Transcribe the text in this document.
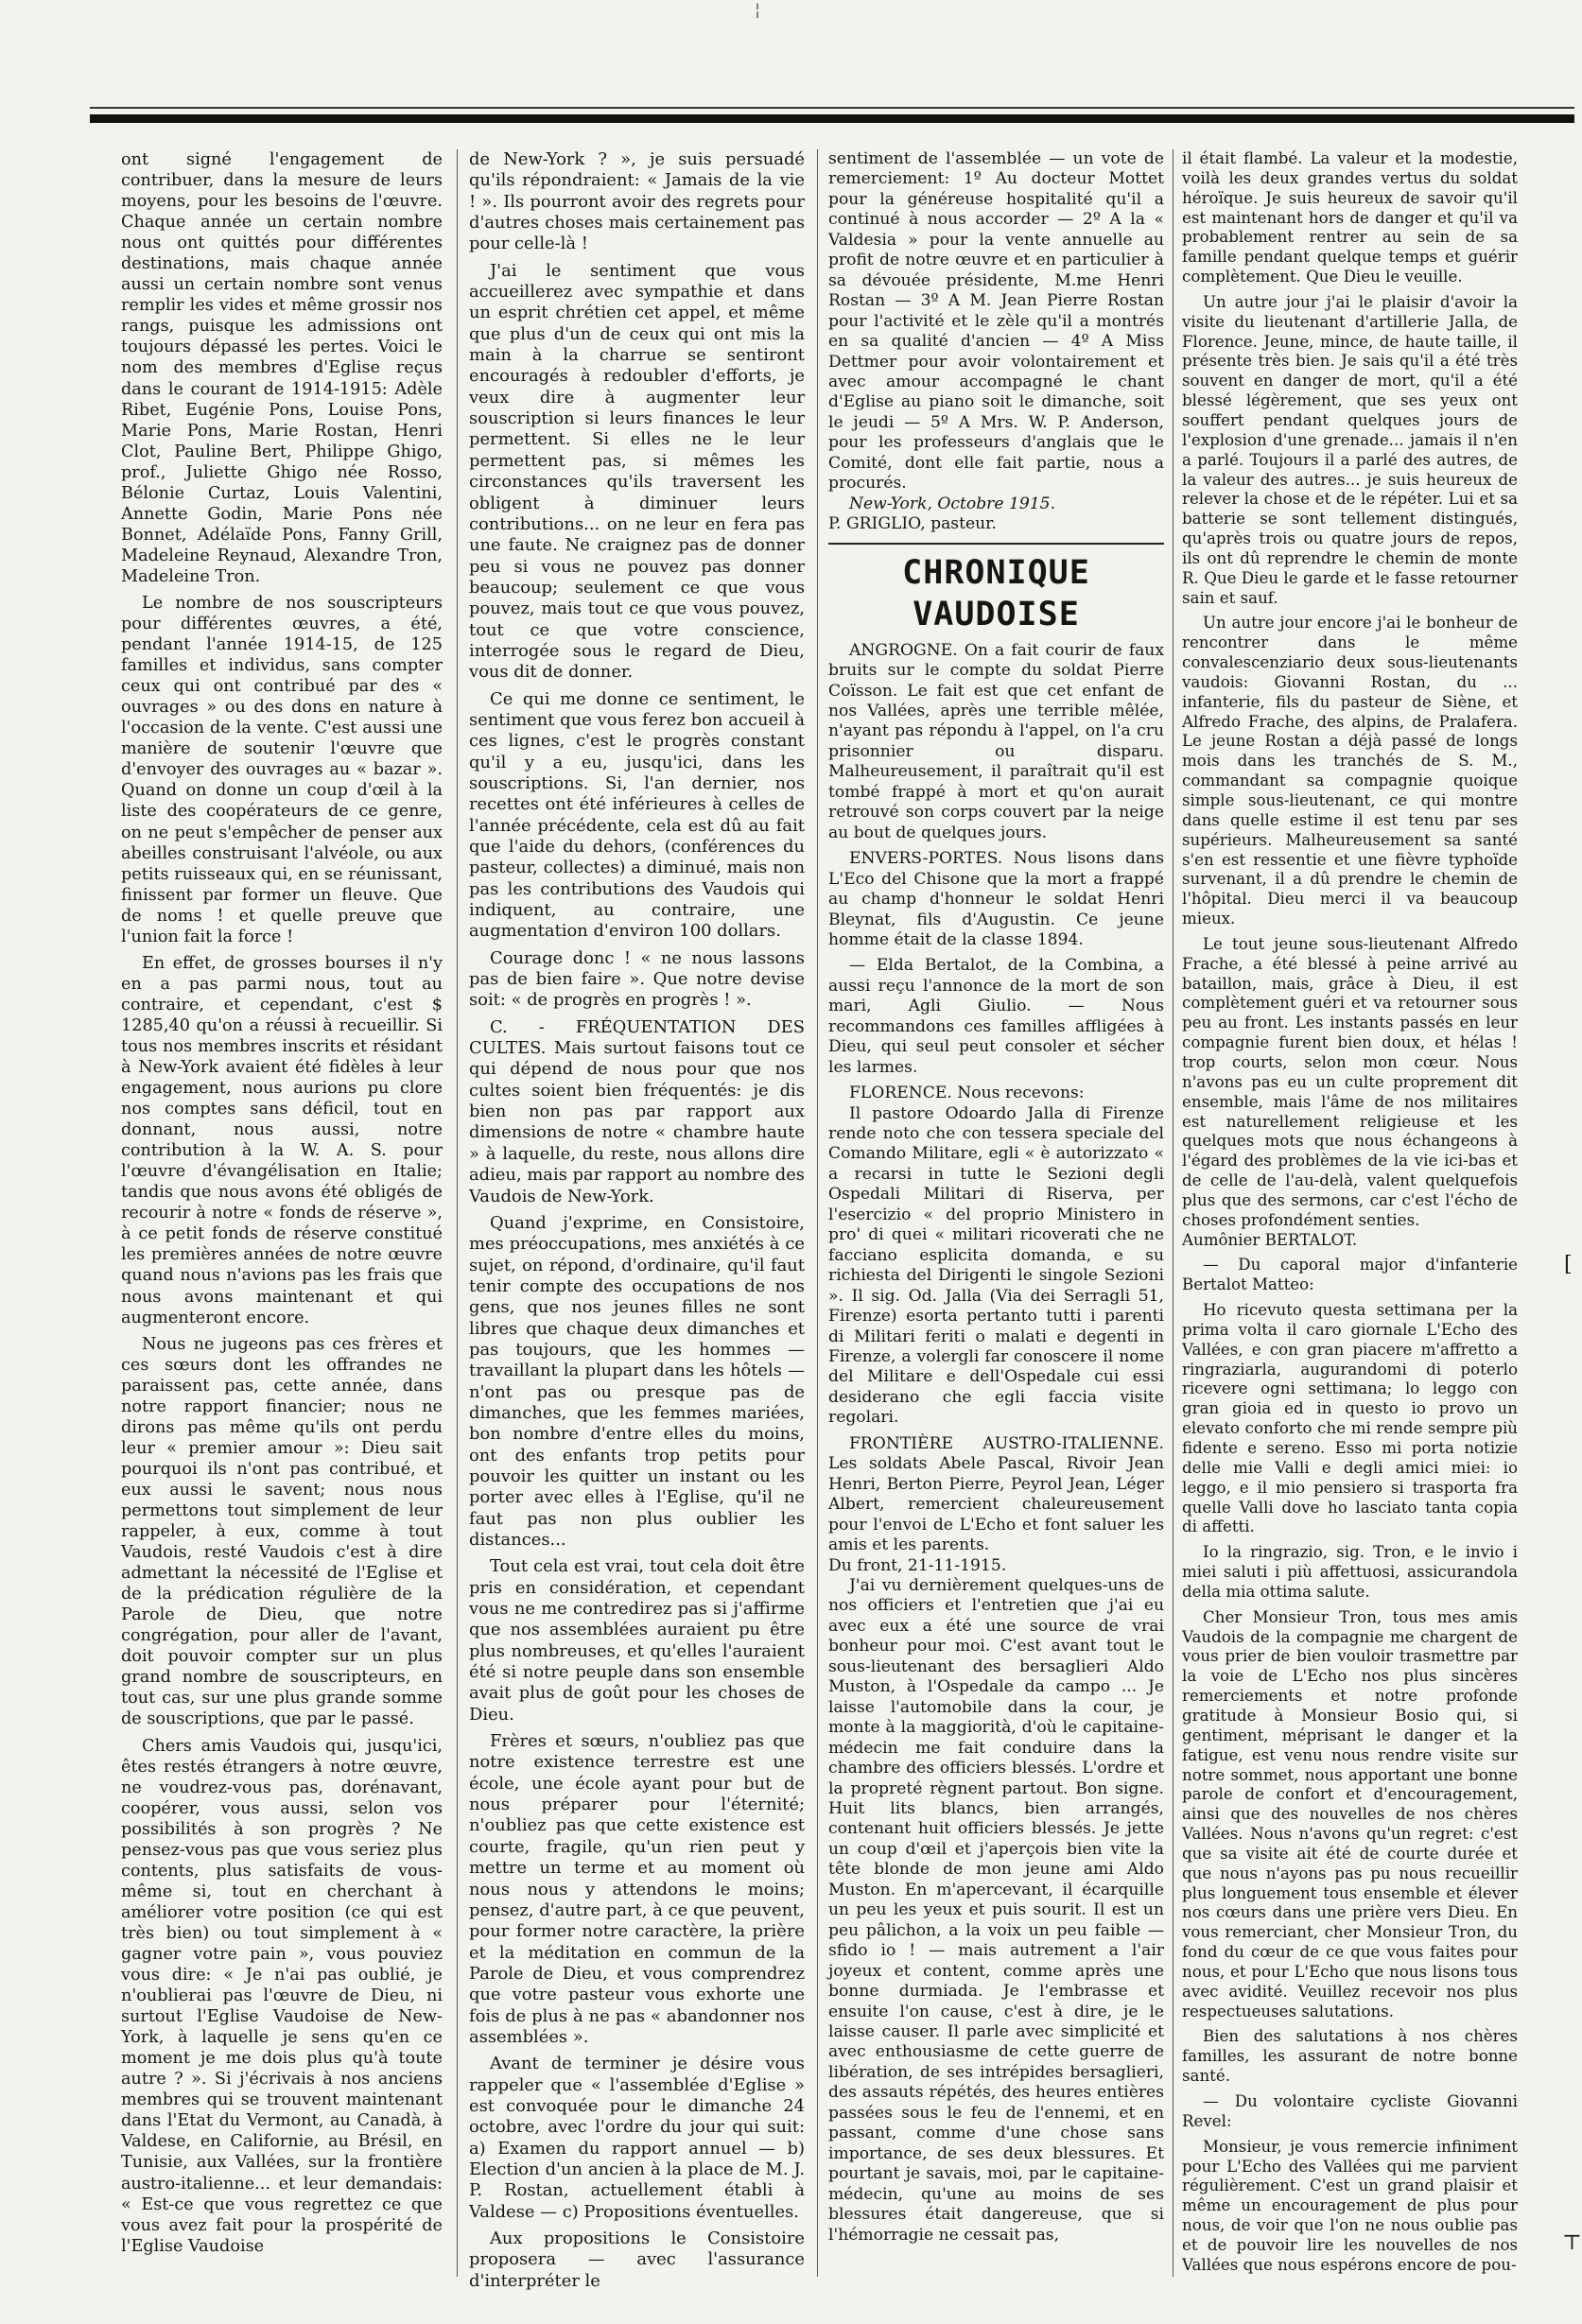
¦

ont signé l'engagement de contribuer, dans la mesure de leurs moyens, pour les besoins de l'œuvre. Chaque année un certain nombre nous ont quittés pour différentes destinations, mais chaque année aussi un certain nombre sont venus remplir les vides et même grossir nos rangs, puisque les admissions ont toujours dépassé les pertes. Voici le nom des membres d'Eglise reçus dans le courant de 1914-1915: Adèle Ribet, Eugénie Pons, Louise Pons, Marie Pons, Marie Rostan, Henri Clot, Pauline Bert, Philippe Ghigo, prof., Juliette Ghigo née Rosso, Bélonie Curtaz, Louis Valentini, Annette Godin, Marie Pons née Bonnet, Adélaïde Pons, Fanny Grill, Madeleine Reynaud, Alexandre Tron, Madeleine Tron.

Le nombre de nos souscripteurs pour différentes œuvres, a été, pendant l'année 1914-15, de 125 familles et individus, sans compter ceux qui ont contribué par des « ouvrages » ou des dons en nature à l'occasion de la vente. C'est aussi une manière de soutenir l'œuvre que d'envoyer des ouvrages au « bazar ». Quand on donne un coup d'œil à la liste des coopérateurs de ce genre, on ne peut s'empêcher de penser aux abeilles construisant l'alvéole, ou aux petits ruisseaux qui, en se réunissant, finissent par former un fleuve. Que de noms ! et quelle preuve que l'union fait la force !

En effet, de grosses bourses il n'y en a pas parmi nous, tout au contraire, et cependant, c'est $ 1285,40 qu'on a réussi à recueillir. Si tous nos membres inscrits et résidant à New-York avaient été fidèles à leur engagement, nous aurions pu clore nos comptes sans déficil, tout en donnant, nous aussi, notre contribution à la W. A. S. pour l'œuvre d'évangélisation en Italie; tandis que nous avons été obligés de recourir à notre « fonds de réserve », à ce petit fonds de réserve constitué les premières années de notre œuvre quand nous n'avions pas les frais que nous avons maintenant et qui augmenteront encore.

Nous ne jugeons pas ces frères et ces sœurs dont les offrandes ne paraissent pas, cette année, dans notre rapport financier; nous ne dirons pas même qu'ils ont perdu leur « premier amour »: Dieu sait pourquoi ils n'ont pas contribué, et eux aussi le savent; nous nous permettons tout simplement de leur rappeler, à eux, comme à tout Vaudois, resté Vaudois c'est à dire admettant la nécessité de l'Eglise et de la prédication régulière de la Parole de Dieu, que notre congrégation, pour aller de l'avant, doit pouvoir compter sur un plus grand nombre de souscripteurs, en tout cas, sur une plus grande somme de souscriptions, que par le passé.

Chers amis Vaudois qui, jusqu'ici, êtes restés étrangers à notre œuvre, ne voudrez-vous pas, dorénavant, coopérer, vous aussi, selon vos possibilités à son progrès ? Ne pensez-vous pas que vous seriez plus contents, plus satisfaits de vous-même si, tout en cherchant à améliorer votre position (ce qui est très bien) ou tout simplement à « gagner votre pain », vous pouviez vous dire: « Je n'ai pas oublié, je n'oublierai pas l'œuvre de Dieu, ni surtout l'Eglise Vaudoise de New-York, à laquelle je sens qu'en ce moment je me dois plus qu'à toute autre ? ». Si j'écrivais à nos anciens membres qui se trouvent maintenant dans l'Etat du Vermont, au Canadà, à Valdese, en Californie, au Brésil, en Tunisie, aux Vallées, sur la frontière austro-italienne... et leur demandais: « Est-ce que vous regrettez ce que vous avez fait pour la prospérité de l'Eglise Vaudoise

de New-York ? », je suis persuadé qu'ils répondraient: « Jamais de la vie ! ». Ils pourront avoir des regrets pour d'autres choses mais certainement pas pour celle-là !

J'ai le sentiment que vous accueillerez avec sympathie et dans un esprit chrétien cet appel, et même que plus d'un de ceux qui ont mis la main à la charrue se sentiront encouragés à redoubler d'efforts, je veux dire à augmenter leur souscription si leurs finances le leur permettent. Si elles ne le leur permettent pas, si mêmes les circonstances qu'ils traversent les obligent à diminuer leurs contributions... on ne leur en fera pas une faute. Ne craignez pas de donner peu si vous ne pouvez pas donner beaucoup; seulement ce que vous pouvez, mais tout ce que vous pouvez, tout ce que votre conscience, interrogée sous le regard de Dieu, vous dit de donner.

Ce qui me donne ce sentiment, le sentiment que vous ferez bon accueil à ces lignes, c'est le progrès constant qu'il y a eu, jusqu'ici, dans les souscriptions. Si, l'an dernier, nos recettes ont été inférieures à celles de l'année précédente, cela est dû au fait que l'aide du dehors, (conférences du pasteur, collectes) a diminué, mais non pas les contributions des Vaudois qui indiquent, au contraire, une augmentation d'environ 100 dollars.

Courage donc ! « ne nous lassons pas de bien faire ». Que notre devise soit: « de progrès en progrès ! ».

C. - FRÉQUENTATION DES CULTES. Mais surtout faisons tout ce qui dépend de nous pour que nos cultes soient bien fréquentés: je dis bien non pas par rapport aux dimensions de notre « chambre haute » à laquelle, du reste, nous allons dire adieu, mais par rapport au nombre des Vaudois de New-York.

Quand j'exprime, en Consistoire, mes préoccupations, mes anxiétés à ce sujet, on répond, d'ordinaire, qu'il faut tenir compte des occupations de nos gens, que nos jeunes filles ne sont libres que chaque deux dimanches et pas toujours, que les hommes — travaillant la plupart dans les hôtels — n'ont pas ou presque pas de dimanches, que les femmes mariées, bon nombre d'entre elles du moins, ont des enfants trop petits pour pouvoir les quitter un instant ou les porter avec elles à l'Eglise, qu'il ne faut pas non plus oublier les distances...

Tout cela est vrai, tout cela doit être pris en considération, et cependant vous ne me contredirez pas si j'affirme que nos assemblées auraient pu être plus nombreuses, et qu'elles l'auraient été si notre peuple dans son ensemble avait plus de goût pour les choses de Dieu.

Frères et sœurs, n'oubliez pas que notre existence terrestre est une école, une école ayant pour but de nous préparer pour l'éternité; n'oubliez pas que cette existence est courte, fragile, qu'un rien peut y mettre un terme et au moment où nous nous y attendons le moins; pensez, d'autre part, à ce que peuvent, pour former notre caractère, la prière et la méditation en commun de la Parole de Dieu, et vous comprendrez que votre pasteur vous exhorte une fois de plus à ne pas « abandonner nos assemblées ».

Avant de terminer je désire vous rappeler que « l'assemblée d'Eglise » est convoquée pour le dimanche 24 octobre, avec l'ordre du jour qui suit: a) Examen du rapport annuel — b) Election d'un ancien à la place de M. J. P. Rostan, actuellement établi à Valdese — c) Propositions éventuelles.

Aux propositions le Consistoire proposera — avec l'assurance d'interpréter le

sentiment de l'assemblée — un vote de remerciement: 1º Au docteur Mottet pour la généreuse hospitalité qu'il a continué à nous accorder — 2º A la « Valdesia » pour la vente annuelle au profit de notre œuvre et en particulier à sa dévouée présidente, M.me Henri Rostan — 3º A M. Jean Pierre Rostan pour l'activité et le zèle qu'il a montrés en sa qualité d'ancien — 4º A Miss Dettmer pour avoir volontairement et avec amour accompagné le chant d'Eglise au piano soit le dimanche, soit le jeudi — 5º A Mrs. W. P. Anderson, pour les professeurs d'anglais que le Comité, dont elle fait partie, nous a procurés.

New-York, Octobre 1915.

P. GRIGLIO, pasteur.

CHRONIQUE VAUDOISE

ANGROGNE. On a fait courir de faux bruits sur le compte du soldat Pierre Coïsson. Le fait est que cet enfant de nos Vallées, après une terrible mêlée, n'ayant pas répondu à l'appel, on l'a cru prisonnier ou disparu. Malheureusement, il paraîtrait qu'il est tombé frappé à mort et qu'on aurait retrouvé son corps couvert par la neige au bout de quelques jours.

ENVERS-PORTES. Nous lisons dans L'Eco del Chisone que la mort a frappé au champ d'honneur le soldat Henri Bleynat, fils d'Augustin. Ce jeune homme était de la classe 1894.

— Elda Bertalot, de la Combina, a aussi reçu l'annonce de la mort de son mari, Agli Giulio. — Nous recommandons ces familles affligées à Dieu, qui seul peut consoler et sécher les larmes.

FLORENCE. Nous recevons:

Il pastore Odoardo Jalla di Firenze rende noto che con tessera speciale del Comando Militare, egli « è autorizzato « a recarsi in tutte le Sezioni degli Ospedali Militari di Riserva, per l'esercizio « del proprio Ministero in pro' di quei « militari ricoverati che ne facciano esplicita domanda, e su richiesta del Dirigenti le singole Sezioni ». Il sig. Od. Jalla (Via dei Serragli 51, Firenze) esorta pertanto tutti i parenti di Militari feriti o malati e degenti in Firenze, a volergli far conoscere il nome del Militare e dell'Ospedale cui essi desiderano che egli faccia visite regolari.

FRONTIÈRE AUSTRO-ITALIENNE. Les soldats Abele Pascal, Rivoir Jean Henri, Berton Pierre, Peyrol Jean, Léger Albert, remercient chaleureusement pour l'envoi de L'Echo et font saluer les amis et les parents.

Du front, 21-11-1915.

J'ai vu dernièrement quelques-uns de nos officiers et l'entretien que j'ai eu avec eux a été une source de vrai bonheur pour moi. C'est avant tout le sous-lieutenant des bersaglieri Aldo Muston, à l'Ospedale da campo ... Je laisse l'automobile dans la cour, je monte à la maggiorità, d'où le capitaine-médecin me fait conduire dans la chambre des officiers blessés. L'ordre et la propreté règnent partout. Bon signe. Huit lits blancs, bien arrangés, contenant huit officiers blessés. Je jette un coup d'œil et j'aperçois bien vite la tête blonde de mon jeune ami Aldo Muston. En m'apercevant, il écarquille un peu les yeux et puis sourit. Il est un peu pâlichon, a la voix un peu faible — sfido io ! — mais autrement a l'air joyeux et content, comme après une bonne durmiada. Je l'embrasse et ensuite l'on cause, c'est à dire, je le laisse causer. Il parle avec simplicité et avec enthousiasme de cette guerre de libération, de ses intrépides bersaglieri, des assauts répétés, des heures entières passées sous le feu de l'ennemi, et en passant, comme d'une chose sans importance, de ses deux blessures. Et pourtant je savais, moi, par le capitaine-médecin, qu'une au moins de ses blessures était dangereuse, que si l'hémorragie ne cessait pas,

il était flambé. La valeur et la modestie, voilà les deux grandes vertus du soldat héroïque. Je suis heureux de savoir qu'il est maintenant hors de danger et qu'il va probablement rentrer au sein de sa famille pendant quelque temps et guérir complètement. Que Dieu le veuille.

Un autre jour j'ai le plaisir d'avoir la visite du lieutenant d'artillerie Jalla, de Florence. Jeune, mince, de haute taille, il présente très bien. Je sais qu'il a été très souvent en danger de mort, qu'il a été blessé légèrement, que ses yeux ont souffert pendant quelques jours de l'explosion d'une grenade... jamais il n'en a parlé. Toujours il a parlé des autres, de la valeur des autres... je suis heureux de relever la chose et de le répéter. Lui et sa batterie se sont tellement distingués, qu'après trois ou quatre jours de repos, ils ont dû reprendre le chemin de monte R. Que Dieu le garde et le fasse retourner sain et sauf.

Un autre jour encore j'ai le bonheur de rencontrer dans le même convalescenziario deux sous-lieutenants vaudois: Giovanni Rostan, du ... infanterie, fils du pasteur de Siène, et Alfredo Frache, des alpins, de Pralafera. Le jeune Rostan a déjà passé de longs mois dans les tranchés de S. M., commandant sa compagnie quoique simple sous-lieutenant, ce qui montre dans quelle estime il est tenu par ses supérieurs. Malheureusement sa santé s'en est ressentie et une fièvre typhoïde survenant, il a dû prendre le chemin de l'hôpital. Dieu merci il va beaucoup mieux.

Le tout jeune sous-lieutenant Alfredo Frache, a été blessé à peine arrivé au bataillon, mais, grâce à Dieu, il est complètement guéri et va retourner sous peu au front. Les instants passés en leur compagnie furent bien doux, et hélas ! trop courts, selon mon cœur. Nous n'avons pas eu un culte proprement dit ensemble, mais l'âme de nos militaires est naturellement religieuse et les quelques mots que nous échangeons à l'égard des problèmes de la vie ici-bas et de celle de l'au-delà, valent quelquefois plus que des sermons, car c'est l'écho de choses profondément senties.

Aumônier BERTALOT.

— Du caporal major d'infanterie Bertalot Matteo:

Ho ricevuto questa settimana per la prima volta il caro giornale L'Echo des Vallées, e con gran piacere m'affretto a ringraziarla, augurandomi di poterlo ricevere ogni settimana; lo leggo con gran gioia ed in questo io provo un elevato conforto che mi rende sempre più fidente e sereno. Esso mi porta notizie delle mie Valli e degli amici miei: io leggo, e il mio pensiero si trasporta fra quelle Valli dove ho lasciato tanta copia di affetti.

Io la ringrazio, sig. Tron, e le invio i miei saluti i più affettuosi, assicurandola della mia ottima salute.

Cher Monsieur Tron, tous mes amis Vaudois de la compagnie me chargent de vous prier de bien vouloir trasmettre par la voie de L'Echo nos plus sincères remerciements et notre profonde gratitude à Monsieur Bosio qui, si gentiment, méprisant le danger et la fatigue, est venu nous rendre visite sur notre sommet, nous apportant une bonne parole de confort et d'encouragement, ainsi que des nouvelles de nos chères Vallées. Nous n'avons qu'un regret: c'est que sa visite ait été de courte durée et que nous n'ayons pas pu nous recueillir plus longuement tous ensemble et élever nos cœurs dans une prière vers Dieu. En vous remerciant, cher Monsieur Tron, du fond du cœur de ce que vous faites pour nous, et pour L'Echo que nous lisons tous avec avidité. Veuillez recevoir nos plus respectueuses salutations.

Bien des salutations à nos chères familles, les assurant de notre bonne santé.

— Du volontaire cycliste Giovanni Revel:

Monsieur, je vous remercie infiniment pour L'Echo des Vallées qui me parvient régulièrement. C'est un grand plaisir et même un encouragement de plus pour nous, de voir que l'on ne nous oublie pas et de pouvoir lire les nouvelles de nos Vallées que nous espérons encore de pou-

[
⊤
